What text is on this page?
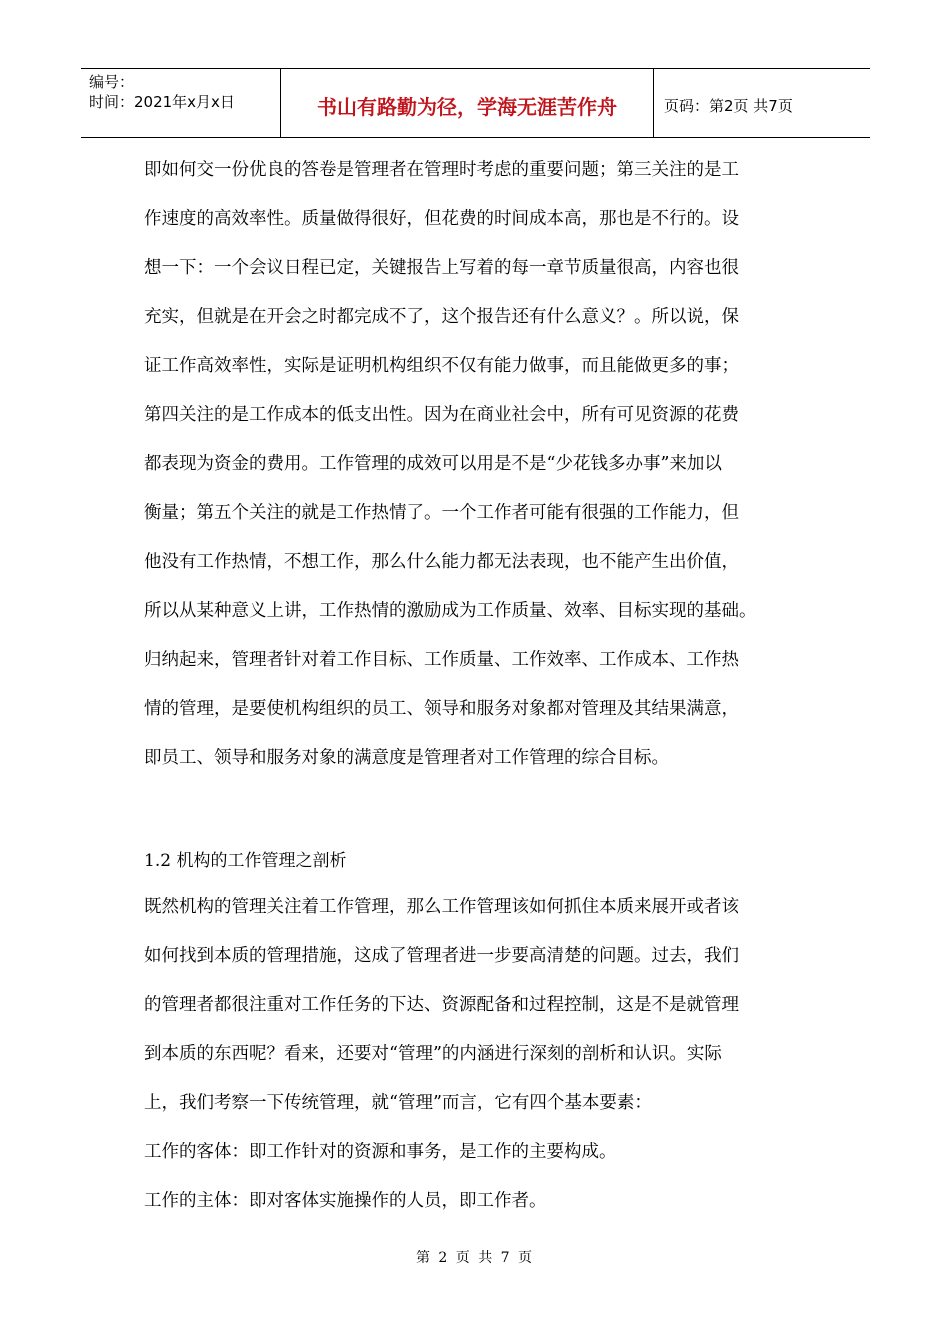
编号：
时间：2021年x月x日	书山有路勤为径，学海无涯苦作舟	页码：第2页 共7页
即如何交一份优良的答卷是管理者在管理时考虑的重要问题；第三关注的是工
作速度的高效率性。质量做得很好，但花费的时间成本高，那也是不行的。设
想一下：一个会议日程已定，关键报告上写着的每一章节质量很高，内容也很
充实，但就是在开会之时都完成不了，这个报告还有什么意义？。所以说，保
证工作高效率性，实际是证明机构组织不仅有能力做事，而且能做更多的事；
第四关注的是工作成本的低支出性。因为在商业社会中，所有可见资源的花费
都表现为资金的费用。工作管理的成效可以用是不是“少花钱多办事”来加以
衡量；第五个关注的就是工作热情了。一个工作者可能有很强的工作能力，但
他没有工作热情，不想工作，那么什么能力都无法表现，也不能产生出价值，
所以从某种意义上讲，工作热情的激励成为工作质量、效率、目标实现的基础。
归纳起来，管理者针对着工作目标、工作质量、工作效率、工作成本、工作热
情的管理，是要使机构组织的员工、领导和服务对象都对管理及其结果满意，
即员工、领导和服务对象的满意度是管理者对工作管理的综合目标。
1.2 机构的工作管理之剖析
既然机构的管理关注着工作管理，那么工作管理该如何抓住本质来展开或者该
如何找到本质的管理措施，这成了管理者进一步要高清楚的问题。过去，我们
的管理者都很注重对工作任务的下达、资源配备和过程控制，这是不是就管理
到本质的东西呢？看来，还要对“管理”的内涵进行深刻的剖析和认识。实际
上，我们考察一下传统管理，就“管理”而言，它有四个基本要素：
工作的客体：即工作针对的资源和事务，是工作的主要构成。
工作的主体：即对客体实施操作的人员，即工作者。
第 2 页 共 7 页
